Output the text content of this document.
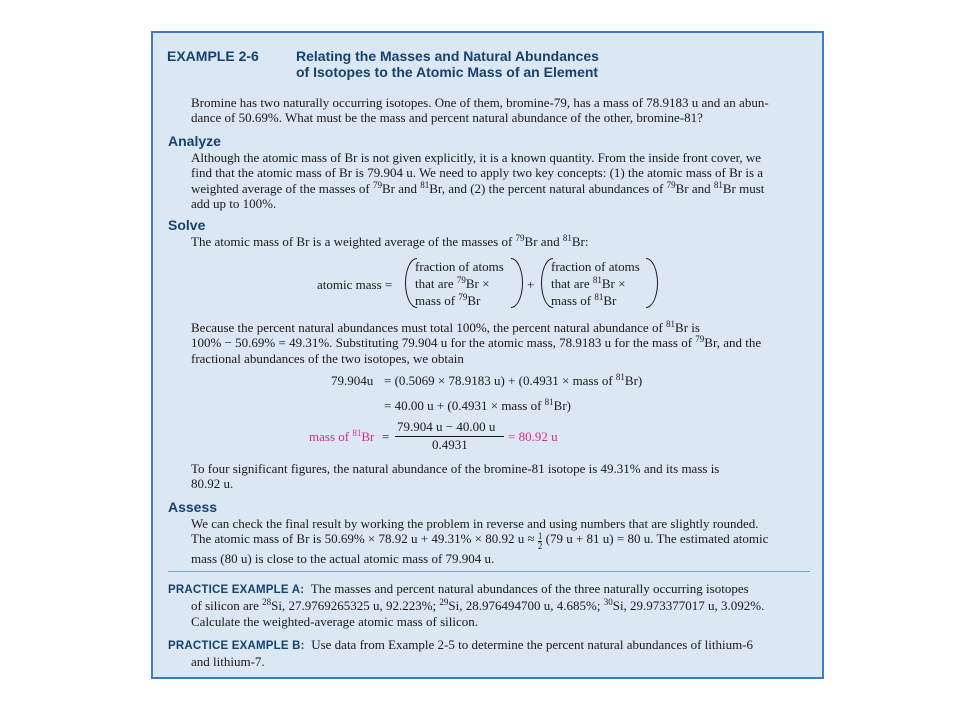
EXAMPLE 2-6	Relating the Masses and Natural Abundances
of Isotopes to the Atomic Mass of an Element
Bromine has two naturally occurring isotopes. One of them, bromine-79, has a mass of 78.9183 u and an abun-
dance of 50.69%. What must be the mass and percent natural abundance of the other, bromine-81?
Analyze
Although the atomic mass of Br is not given explicitly, it is a known quantity. From the inside front cover, we
find that the atomic mass of Br is 79.904 u. We need to apply two key concepts: (1) the atomic mass of Br is a
weighted average of the masses of $^{79}$Br and $^{81}$Br, and (2) the percent natural abundances of $^{79}$Br and $^{81}$Br must
add up to 100%.
Solve
The atomic mass of Br is a weighted average of the masses of $^{79}$Br and $^{81}$Br:
atomic mass =
fraction of atoms
that are $^{79}$Br ×
mass of $^{79}$Br
+
fraction of atoms
that are $^{81}$Br ×
mass of $^{81}$Br
Because the percent natural abundances must total 100%, the percent natural abundance of $^{81}$Br is
100% − 50.69% = 49.31%. Substituting 79.904 u for the atomic mass, 78.9183 u for the mass of $^{79}$Br, and the
fractional abundances of the two isotopes, we obtain
79.904u = (0.5069 × 78.9183 u) + (0.4931 × mass of $^{81}$Br)
= 40.00 u + (0.4931 × mass of $^{81}$Br)
mass of $^{81}$Br =
79.904 u − 40.00 u
0.4931
= 80.92 u
To four significant figures, the natural abundance of the bromine-81 isotope is 49.31% and its mass is
80.92 u.
Assess
We can check the final result by working the problem in reverse and using numbers that are slightly rounded.
The atomic mass of Br is 50.69% × 78.92 u + 49.31% × 80.92 $u \approx \frac{1}{2} (79$ u + 81 u) = 80 u. The estimated atomic
mass (80 u) is close to the actual atomic mass of 79.904 u.
PRACTICE EXAMPLE A: The masses and percent natural abundances of the three naturally occurring isotopes
of silicon are $^{28}$Si, 27.9769265325 u, 92.223%; $^{29}$Si, 28.976494700 u, 4.685%; $^{30}$Si, 29.973377017 u, 3.092%.
Calculate the weighted-average atomic mass of silicon.
PRACTICE EXAMPLE B: Use data from Example 2-5 to determine the percent natural abundances of lithium-6
and lithium-7.
